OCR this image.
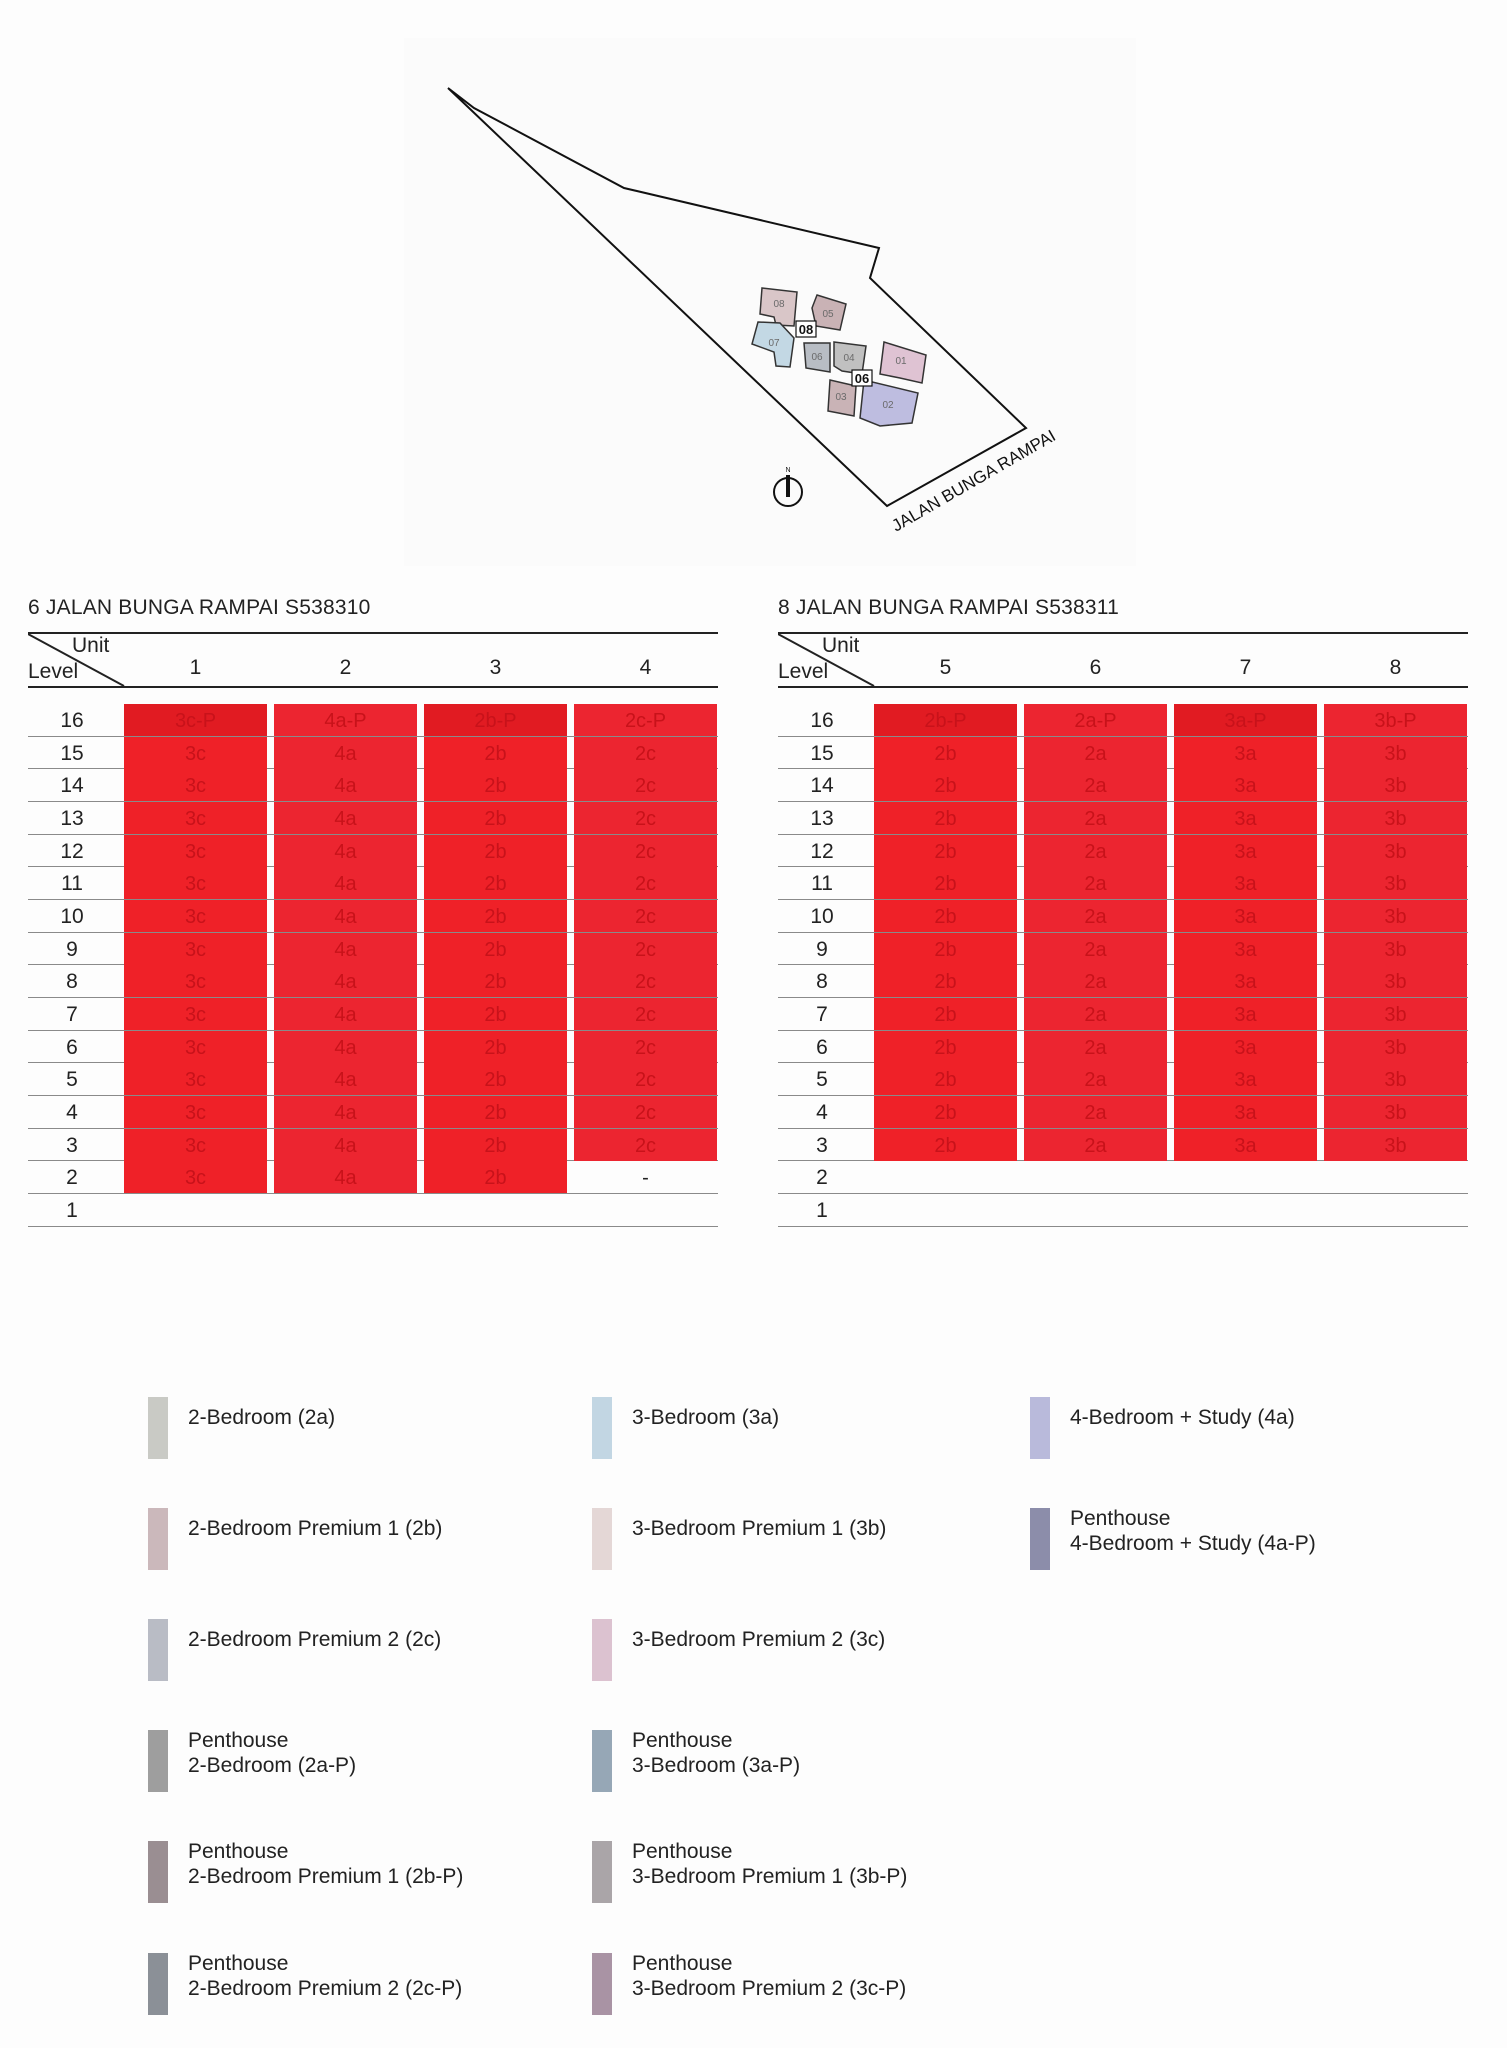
08
05
07
06 04	01
03
02
08
06
N	JALAN BUNGA RAMPAI
6 JALAN BUNGA RAMPAI S538310
Unit
Level	1	2	3	4
16	3c-P	4a-P	2b-P	2c-P
15	3c	4a	2b	2c
14	3c	4a	2b	2c
13	3c	4a	2b	2c
12	3c	4a	2b	2c
11	3c	4a	2b	2c
10	3c	4a	2b	2c
9	3c	4a	2b	2c
8	3c	4a	2b	2c
7	3c	4a	2b	2c
6	3c	4a	2b	2c
5	3c	4a	2b	2c
4	3c	4a	2b	2c
3	3c	4a	2b	2c
2	3c	4a	2b	-
1
8 JALAN BUNGA RAMPAI S538311
Unit
Level	5	6	7	8
16	2b-P	2a-P	3a-P	3b-P
15	2b	2a	3a	3b
14	2b	2a	3a	3b
13	2b	2a	3a	3b
12	2b	2a	3a	3b
11	2b	2a	3a	3b
10	2b	2a	3a	3b
9	2b	2a	3a	3b
8	2b	2a	3a	3b
7	2b	2a	3a	3b
6	2b	2a	3a	3b
5	2b	2a	3a	3b
4	2b	2a	3a	3b
3	2b	2a	3a	3b
2
1
2-Bedroom (2a)	3-Bedroom (3a)	4-Bedroom + Study (4a)
2-Bedroom Premium 1 (2b)	3-Bedroom Premium 1 (3b)	Penthouse
4-Bedroom + Study (4a-P)
2-Bedroom Premium 2 (2c)	3-Bedroom Premium 2 (3c)
Penthouse
2-Bedroom (2a-P)
Penthouse
3-Bedroom (3a-P)
Penthouse
2-Bedroom Premium 1 (2b-P)
Penthouse
3-Bedroom Premium 1 (3b-P)
Penthouse
2-Bedroom Premium 2 (2c-P)
Penthouse
3-Bedroom Premium 2 (3c-P)
